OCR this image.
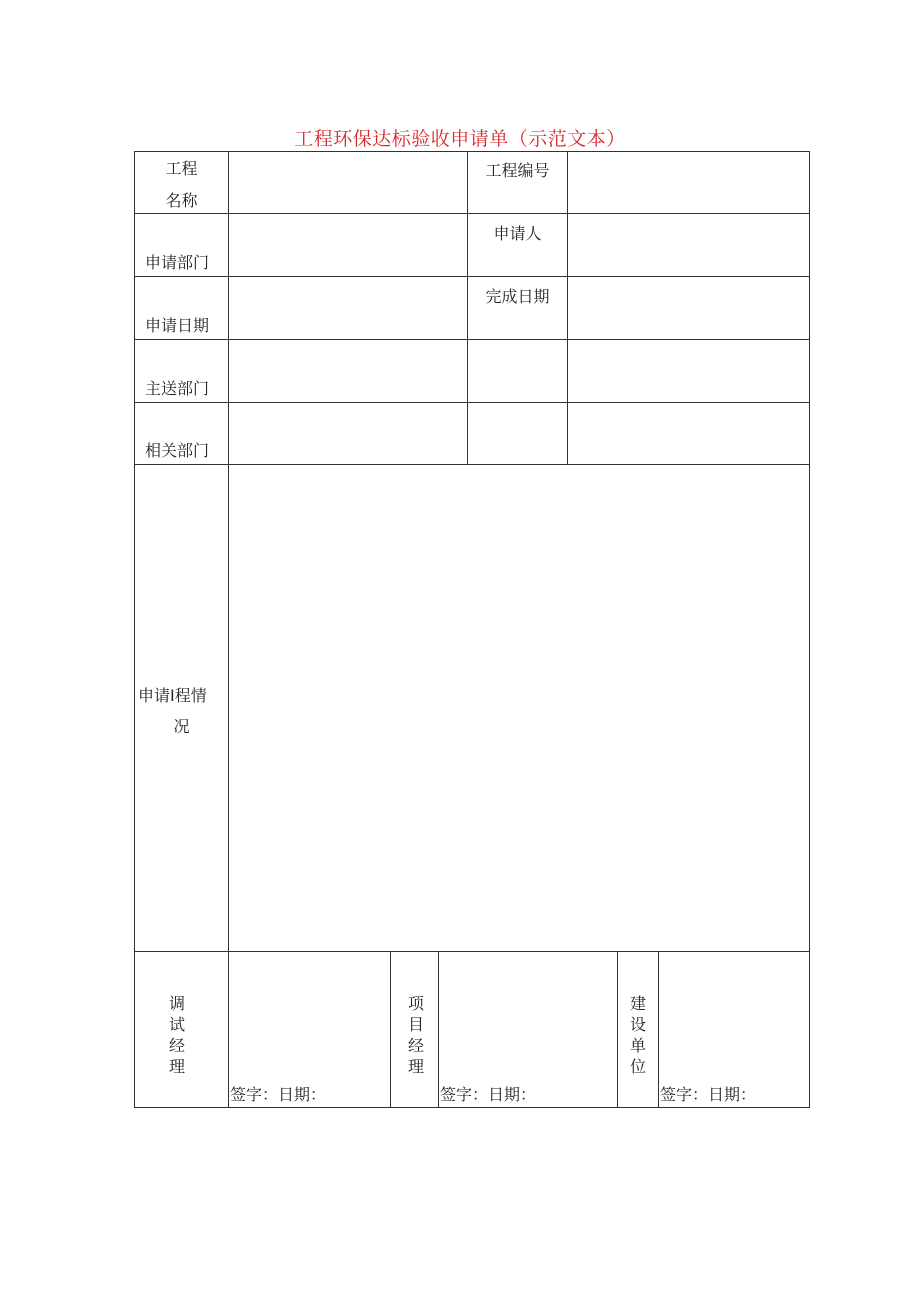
工程环保达标验收申请单（示范文本）
工程
名称
工程编号
申请部门
申请人
申请日期
完成日期
主送部门
相关部门
申请Ⅰ程情
况
调
试
经
理
签字：日期：
项
目
经
理
签字：日期：
建
设
单
位
签字：日期：
